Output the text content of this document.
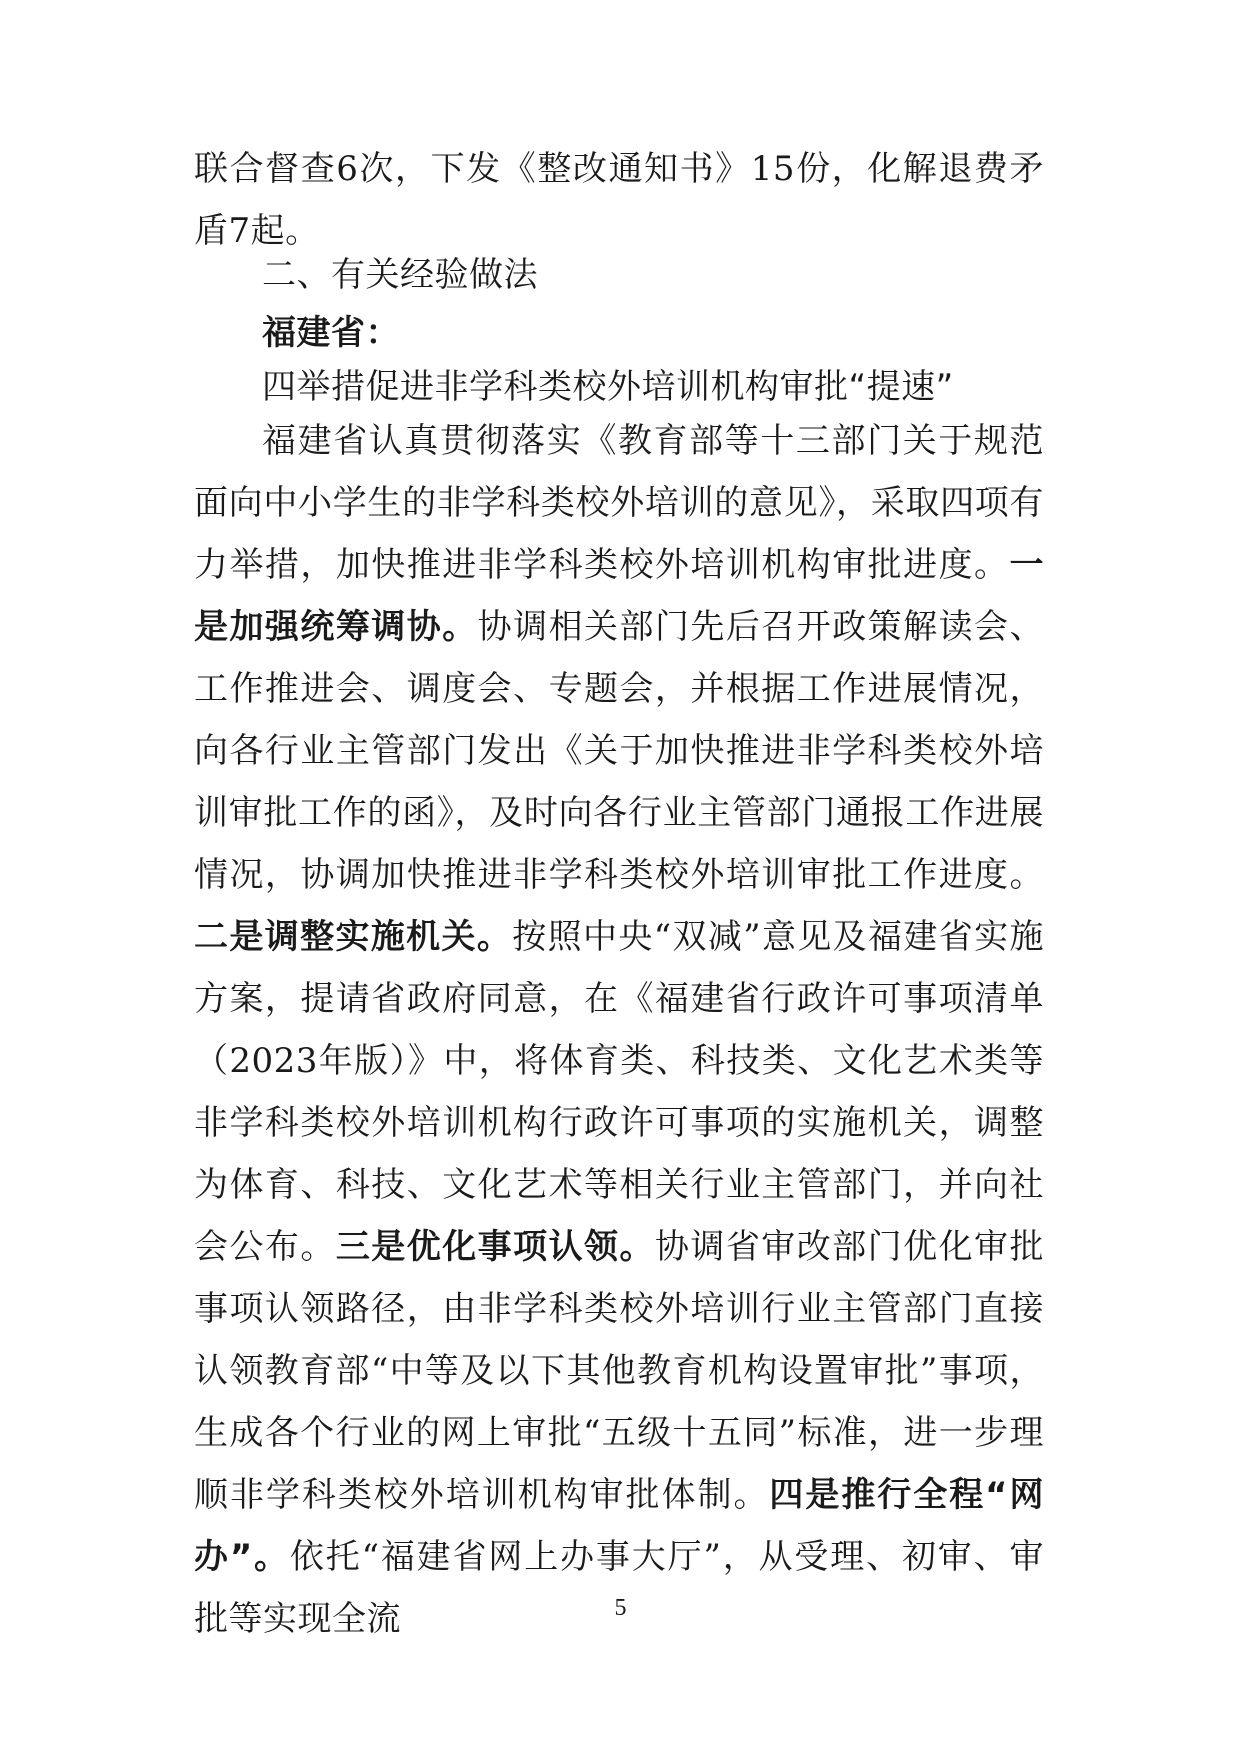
联合督查6次，下发《整改通知书》15份，化解退费矛盾7起。

二、有关经验做法

福建省：

四举措促进非学科类校外培训机构审批“提速”

福建省认真贯彻落实《教育部等十三部门关于规范面向中小学生的非学科类校外培训的意见》，采取四项有力举措，加快推进非学科类校外培训机构审批进度。一是加强统筹调协。协调相关部门先后召开政策解读会、工作推进会、调度会、专题会，并根据工作进展情况，向各行业主管部门发出《关于加快推进非学科类校外培训审批工作的函》，及时向各行业主管部门通报工作进展情况，协调加快推进非学科类校外培训审批工作进度。二是调整实施机关。按照中央“双减”意见及福建省实施方案，提请省政府同意，在《福建省行政许可事项清单（2023年版）》中，将体育类、科技类、文化艺术类等非学科类校外培训机构行政许可事项的实施机关，调整为体育、科技、文化艺术等相关行业主管部门，并向社会公布。三是优化事项认领。协调省审改部门优化审批事项认领路径，由非学科类校外培训行业主管部门直接认领教育部“中等及以下其他教育机构设置审批”事项，生成各个行业的网上审批“五级十五同”标准，进一步理顺非学科类校外培训机构审批体制。四是推行全程“网办”。依托“福建省网上办事大厅”，从受理、初审、审批等实现全流	5
